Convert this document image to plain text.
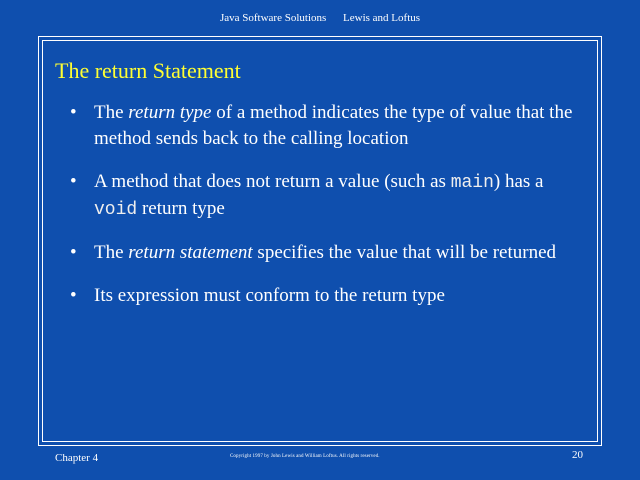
Java Software Solutions Lewis and Loftus
The return Statement
• The return type of a method indicates the type of value that the method sends back to the calling location
• A method that does not return a value (such as main) has a void return type
• The return statement specifies the value that will be returned
• Its expression must conform to the return type
Chapter 4	Copyright 1997 by John Lewis and William Loftus. All rights reserved.	20
